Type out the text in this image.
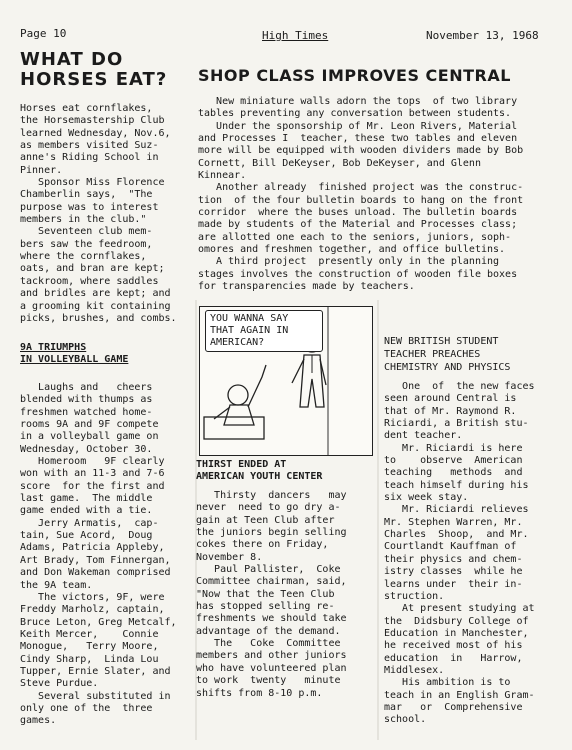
Page 10	High Times	November 13, 1968
WHAT DO
HORSES EAT?
Horses eat cornflakes,
the Horsemastership Club
learned Wednesday, Nov.6,
as members visited Suz-
anne's Riding School in
Pinner.
Sponsor Miss Florence
Chamberlin says,  "The
purpose was to interest
members in the club."
Seventeen club mem-
bers saw the feedroom,
where the cornflakes,
oats, and bran are kept;
tackroom, where saddles
and bridles are kept; and
a grooming kit containing
picks, brushes, and combs.
SHOP CLASS IMPROVES CENTRAL
New miniature walls adorn the tops  of two library
tables preventing any conversation between students.
Under the sponsorship of Mr. Leon Rivers, Material
and Processes I  teacher, these two tables and eleven
more will be equipped with wooden dividers made by Bob
Cornett, Bill DeKeyser, Bob DeKeyser, and Glenn
Kinnear.
Another already  finished project was the construc-
tion  of the four bulletin boards to hang on the front
corridor  where the buses unload. The bulletin boards
made by students of the Material and Processes class;
are allotted one each to the seniors, juniors, soph-
omores and freshmen together, and office bulletins.
A third project  presently only in the planning
stages involves the construction of wooden file boxes
for transparencies made by teachers.
YOU WANNA SAY
THAT AGAIN IN
AMERICAN?
9A TRIUMPHS
IN VOLLEYBALL GAME
Laughs and   cheers
blended with thumps as
freshmen watched home-
rooms 9A and 9F compete
in a volleyball game on
Wednesday, October 30.
Homeroom   9F clearly
won with an 11-3 and 7-6
score  for the first and
last game.  The middle
game ended with a tie.
Jerry Armatis,  cap-
tain, Sue Acord,  Doug
Adams, Patricia Appleby,
Art Brady, Tom Finnergan,
and Don Wakeman comprised
the 9A team.
The victors, 9F, were
Freddy Marholz, captain,
Bruce Leton, Greg Metcalf,
Keith Mercer,    Connie
Monogue,   Terry Moore,
Cindy Sharp,  Linda Lou
Tupper, Ernie Slater, and
Steve Purdue.
Several substituted in
only one of the  three
games.
THIRST ENDED AT
AMERICAN YOUTH CENTER
Thirsty  dancers   may
never  need to go dry a-
gain at Teen Club after
the juniors begin selling
cokes there on Friday,
November 8.
Paul Pallister,  Coke
Committee chairman, said,
"Now that the Teen Club
has stopped selling re-
freshments we should take
advantage of the demand.
The   Coke  Committee
members and other juniors
who have volunteered plan
to work  twenty   minute
shifts from 8-10 p.m.
NEW BRITISH STUDENT
TEACHER PREACHES
CHEMISTRY AND PHYSICS
One  of  the new faces
seen around Central is
that of Mr. Raymond R.
Riciardi, a British stu-
dent teacher.
Mr. Riciardi is here
to    observe  American
teaching   methods  and
teach himself during his
six week stay.
Mr. Riciardi relieves
Mr. Stephen Warren, Mr.
Charles  Shoop,  and Mr.
Courtlandt Kauffman of
their physics and chem-
istry classes  while he
learns under  their in-
struction.
At present studying at
the  Didsbury College of
Education in Manchester,
he received most of his
education  in   Harrow,
Middlesex.
His ambition is to
teach in an English Gram-
mar   or  Comprehensive
school.
